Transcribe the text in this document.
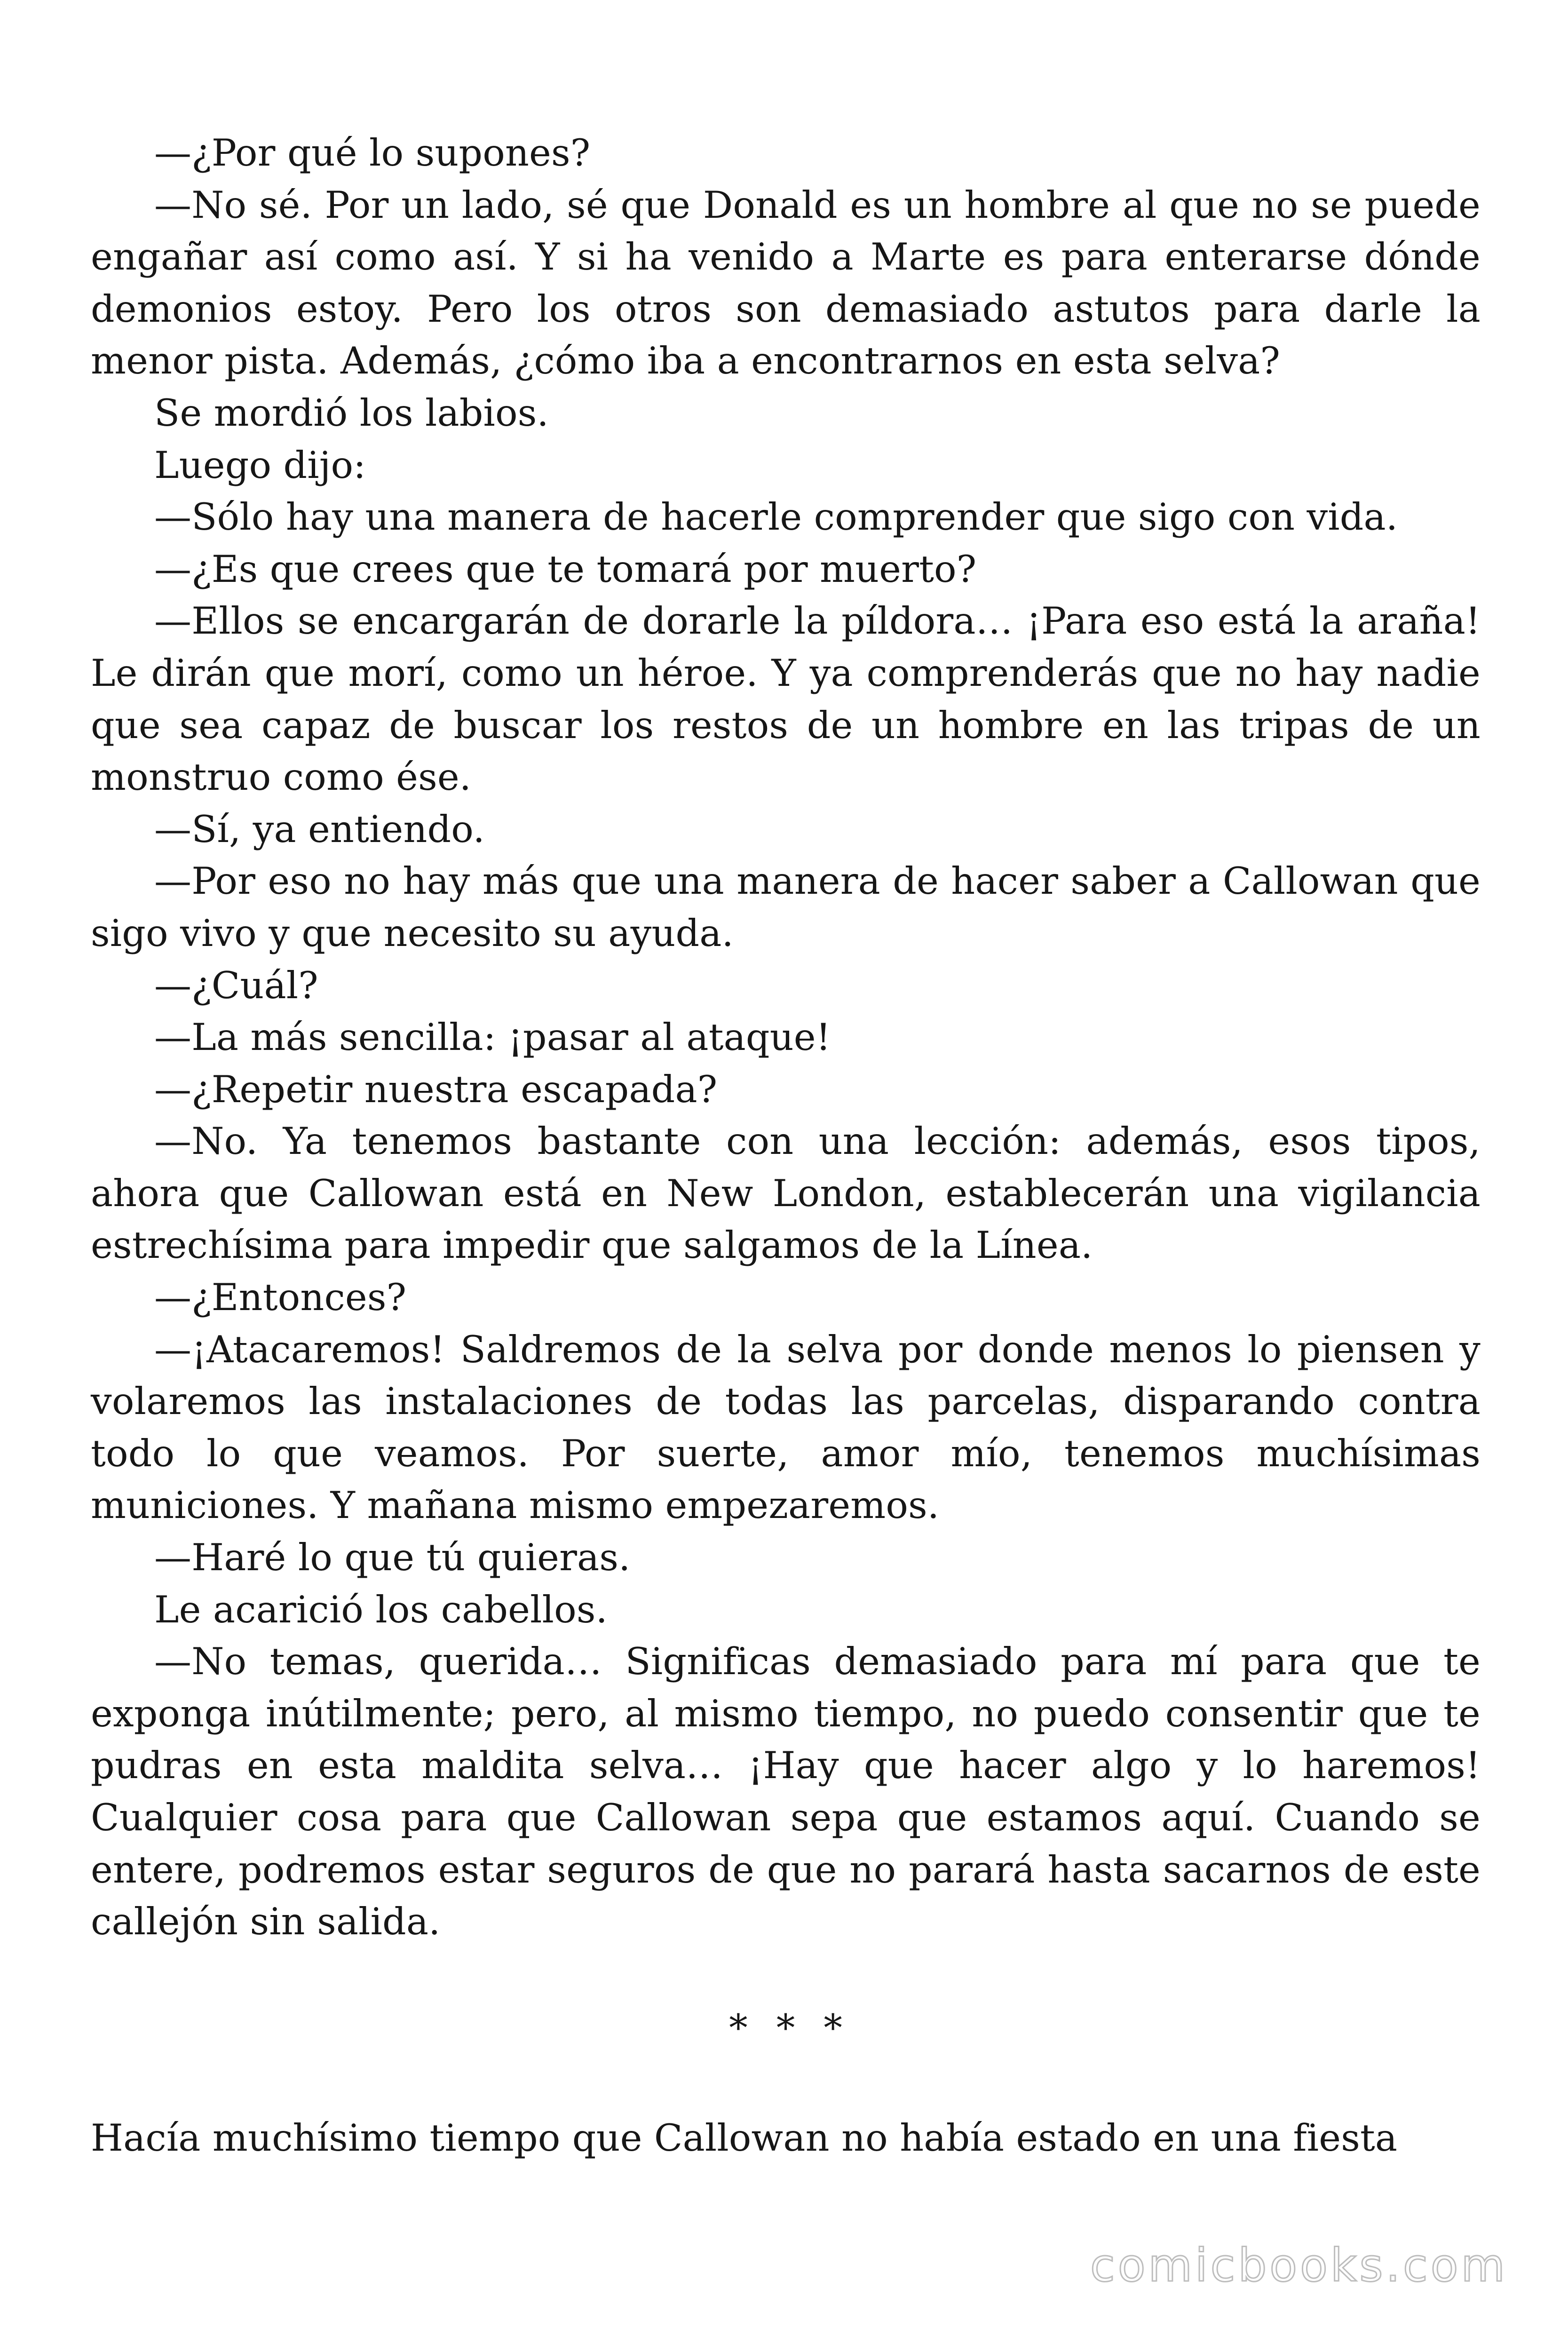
—¿Por qué lo supones?

—No sé. Por un lado, sé que Donald es un hombre al que no se puede engañar así como así. Y si ha venido a Marte es para enterarse dónde demonios estoy. Pero los otros son demasiado astutos para darle la menor pista. Además, ¿cómo iba a encontrarnos en esta selva?

Se mordió los labios.

Luego dijo:

—Sólo hay una manera de hacerle comprender que sigo con vida.

—¿Es que crees que te tomará por muerto?

—Ellos se encargarán de dorarle la píldora… ¡Para eso está la araña! Le dirán que morí, como un héroe. Y ya comprenderás que no hay nadie que sea capaz de buscar los restos de un hombre en las tripas de un monstruo como ése.

—Sí, ya entiendo.

—Por eso no hay más que una manera de hacer saber a Callowan que sigo vivo y que necesito su ayuda.

—¿Cuál?

—La más sencilla: ¡pasar al ataque!

—¿Repetir nuestra escapada?

—No. Ya tenemos bastante con una lección: además, esos tipos, ahora que Callowan está en New London, establecerán una vigilancia estrechísima para impedir que salgamos de la Línea.

—¿Entonces?

—¡Atacaremos! Saldremos de la selva por donde menos lo piensen y volaremos las instalaciones de todas las parcelas, disparando contra todo lo que veamos. Por suerte, amor mío, tenemos muchísimas municiones. Y mañana mismo empezaremos.

—Haré lo que tú quieras.

Le acarició los cabellos.

—No temas, querida… Significas demasiado para mí para que te exponga inútilmente; pero, al mismo tiempo, no puedo consentir que te pudras en esta maldita selva… ¡Hay que hacer algo y lo haremos! Cualquier cosa para que Callowan sepa que estamos aquí. Cuando se entere, podremos estar seguros de que no parará hasta sacarnos de este callejón sin salida.

* * *

Hacía muchísimo tiempo que Callowan no había estado en una fiesta

comicbooks.com
